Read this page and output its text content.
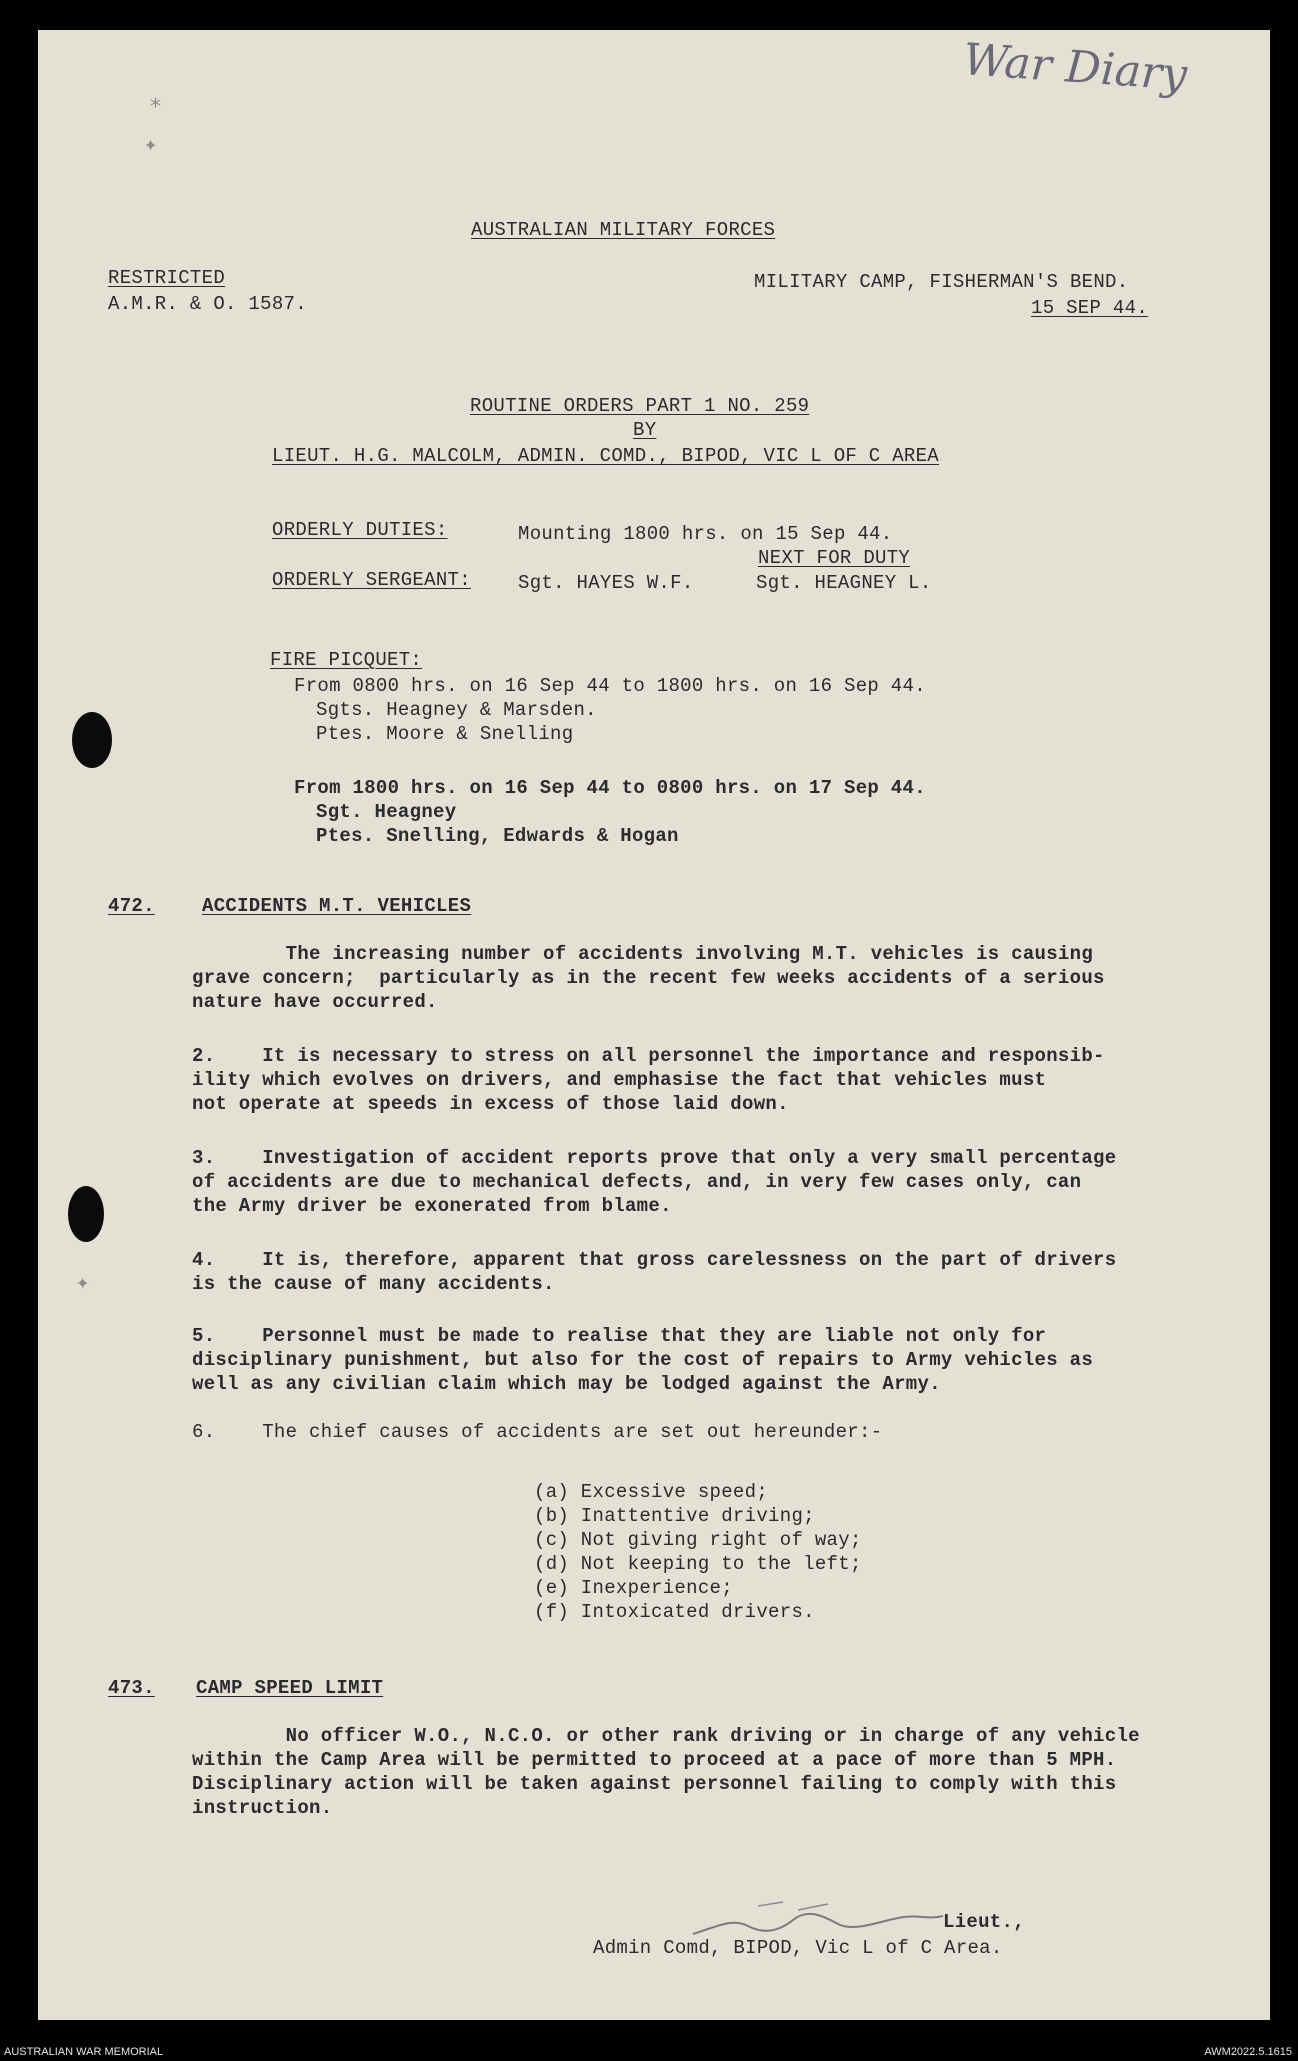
War Diary
⁎
✦
✦
AUSTRALIAN MILITARY FORCES
RESTRICTED
A.M.R. & O. 1587.
MILITARY CAMP, FISHERMAN'S BEND.
15 SEP 44.
ROUTINE ORDERS PART 1 NO. 259
BY
LIEUT. H.G. MALCOLM, ADMIN. COMD., BIPOD, VIC L OF C AREA
ORDERLY DUTIES:	Mounting 1800 hrs. on 15 Sep 44.
NEXT FOR DUTY
ORDERLY SERGEANT: Sgt. HAYES W.F.	Sgt. HEAGNEY L.
FIRE PICQUET:
From 0800 hrs. on 16 Sep 44 to 1800 hrs. on 16 Sep 44.
Sgts. Heagney & Marsden.
Ptes. Moore & Snelling
From 1800 hrs. on 16 Sep 44 to 0800 hrs. on 17 Sep 44.
Sgt. Heagney
Ptes. Snelling, Edwards & Hogan
472. ACCIDENTS M.T. VEHICLES
The increasing number of accidents involving M.T. vehicles is causing
grave concern;  particularly as in the recent few weeks accidents of a serious
nature have occurred.
2.    It is necessary to stress on all personnel the importance and responsib-
ility which evolves on drivers, and emphasise the fact that vehicles must
not operate at speeds in excess of those laid down.
3.    Investigation of accident reports prove that only a very small percentage
of accidents are due to mechanical defects, and, in very few cases only, can
the Army driver be exonerated from blame.
4.    It is, therefore, apparent that gross carelessness on the part of drivers
is the cause of many accidents.
5.    Personnel must be made to realise that they are liable not only for
disciplinary punishment, but also for the cost of repairs to Army vehicles as
well as any civilian claim which may be lodged against the Army.
6.    The chief causes of accidents are set out hereunder:-
(a) Excessive speed;
(b) Inattentive driving;
(c) Not giving right of way;
(d) Not keeping to the left;
(e) Inexperience;
(f) Intoxicated drivers.
473. CAMP SPEED LIMIT
No officer W.O., N.C.O. or other rank driving or in charge of any vehicle
within the Camp Area will be permitted to proceed at a pace of more than 5 MPH.
Disciplinary action will be taken against personnel failing to comply with this
instruction.
Lieut.,
Admin Comd, BIPOD, Vic L of C Area.
AUSTRALIAN WAR MEMORIAL	AWM2022.5.1615
